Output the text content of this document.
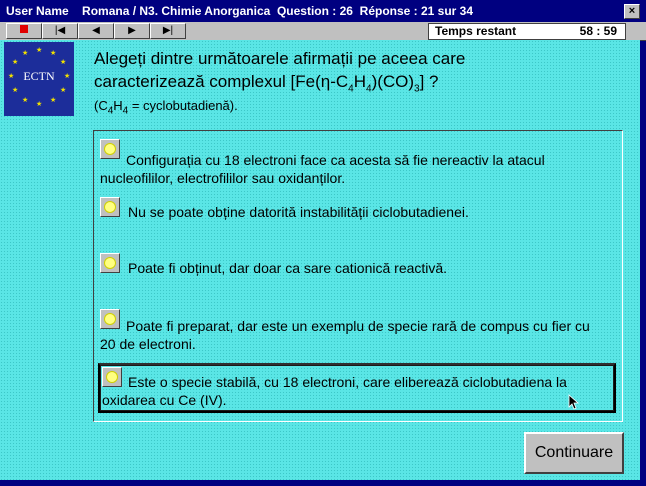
User Name    Romana / N3. Chimie Anorganica  Question : 26  Réponse : 21 sur 34	×
|◀	◀	▶	▶|	Temps restant	58 : 59
★ ★
★
★
★
★
★
★
★
★
★
★
ECTN
Alegeți dintre următoarele afirmații pe aceea care
caracterizează complexul $[Fe(\eta-C_4H_4)(CO)_3]$ ?
($C_4H_4$ = cyclobutadienă).
Configurația cu 18 electroni face ca acesta să fie nereactiv la atacul nucleofililor, electrofililor sau oxidanților.
Nu se poate obține datorită instabilității ciclobutadienei.
Poate fi obținut, dar doar ca sare cationică reactivă.
Poate fi preparat, dar este un exemplu de specie rară de compus cu fier cu 20 de electroni.
Este o specie stabilă, cu 18 electroni, care eliberează ciclobutadiena la oxidarea cu Ce (IV).
Continuare
